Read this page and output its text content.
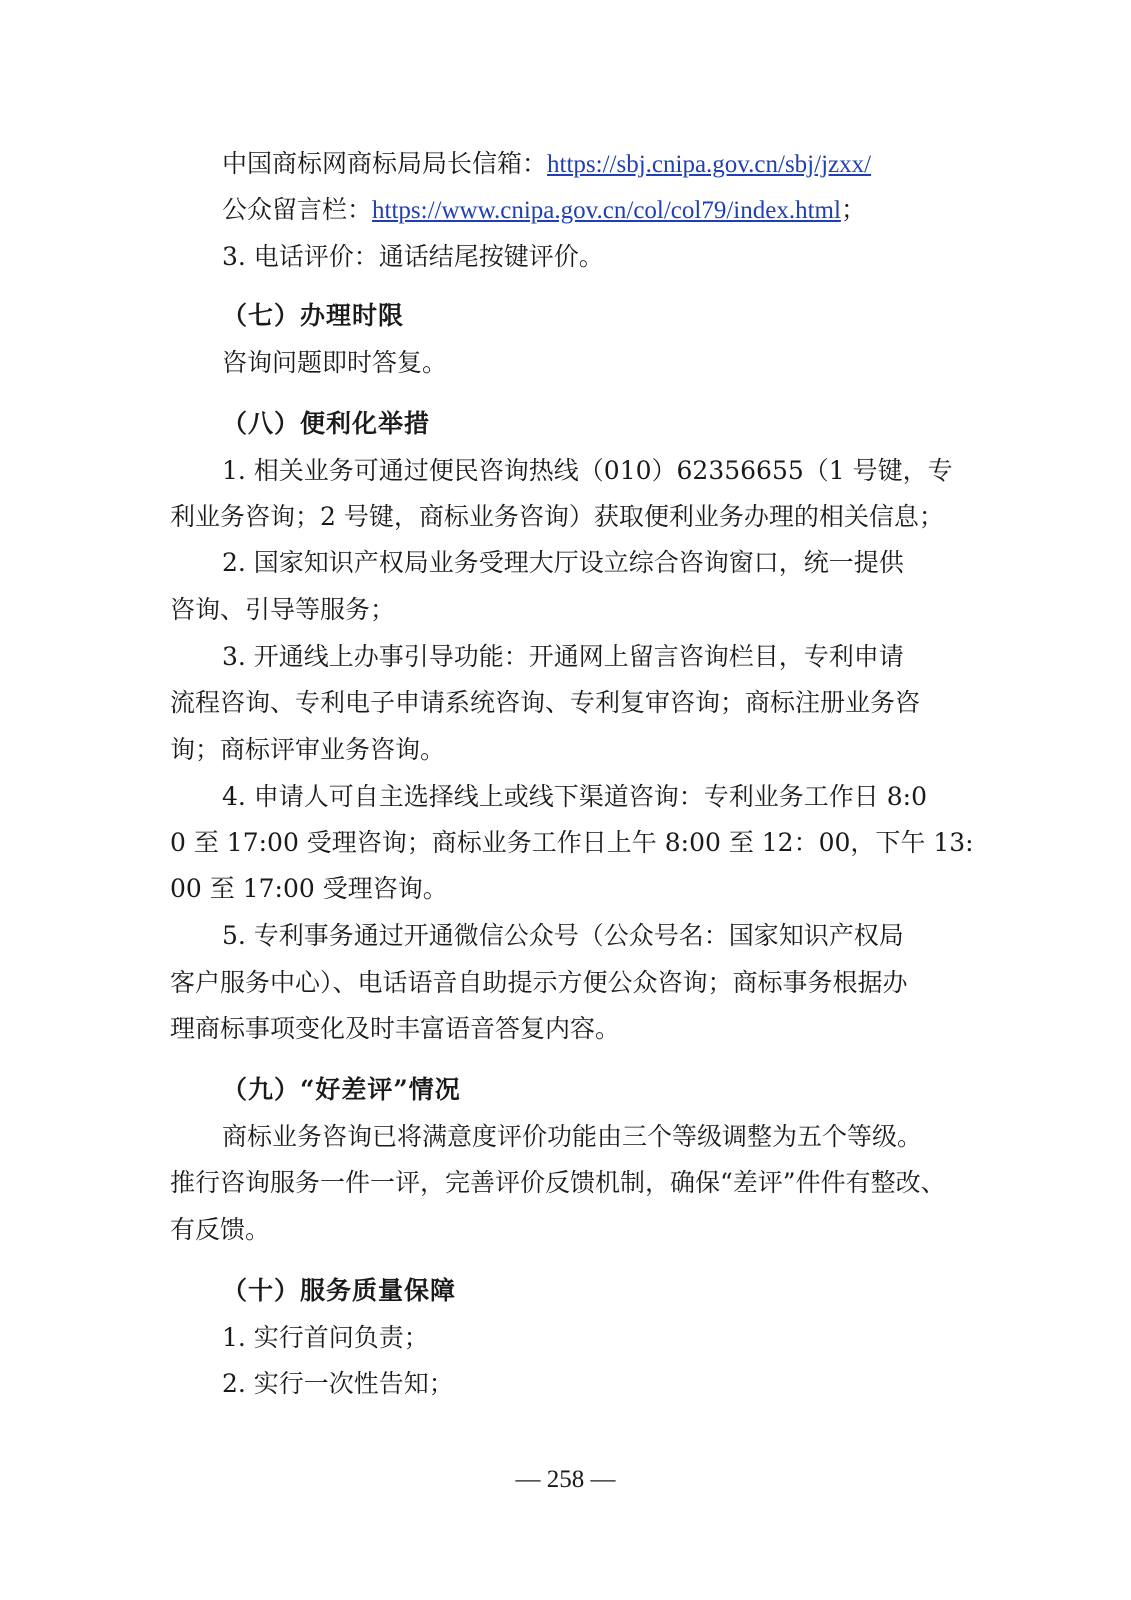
中国商标网商标局局长信箱：https://sbj.cnipa.gov.cn/sbj/jzxx/
公众留言栏：https://www.cnipa.gov.cn/col/col79/index.html；
3. 电话评价：通话结尾按键评价。
（七）办理时限
咨询问题即时答复。
（八）便利化举措
1. 相关业务可通过便民咨询热线（010）62356655（1 号键，专
利业务咨询；2 号键，商标业务咨询）获取便利业务办理的相关信息；
2. 国家知识产权局业务受理大厅设立综合咨询窗口，统一提供
咨询、引导等服务；
3. 开通线上办事引导功能：开通网上留言咨询栏目，专利申请
流程咨询、专利电子申请系统咨询、专利复审咨询；商标注册业务咨
询；商标评审业务咨询。
4. 申请人可自主选择线上或线下渠道咨询：专利业务工作日 8:0
0 至 17:00 受理咨询；商标业务工作日上午 8:00 至 12：00，下午 13:
00 至 17:00 受理咨询。
5. 专利事务通过开通微信公众号（公众号名：国家知识产权局
客户服务中心）、电话语音自助提示方便公众咨询；商标事务根据办
理商标事项变化及时丰富语音答复内容。
（九）“好差评”情况
商标业务咨询已将满意度评价功能由三个等级调整为五个等级。
推行咨询服务一件一评，完善评价反馈机制，确保“差评”件件有整改、
有反馈。
（十）服务质量保障
1. 实行首问负责；
2. 实行一次性告知；
— 258 —
